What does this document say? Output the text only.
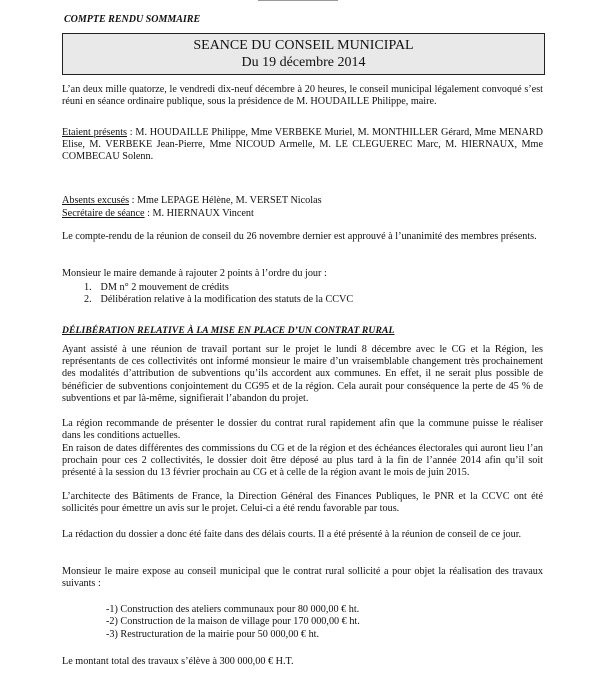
COMPTE RENDU SOMMAIRE
SEANCE DU CONSEIL MUNICIPAL
Du 19 décembre 2014
L’an deux mille quatorze, le vendredi dix-neuf décembre à 20 heures, le conseil municipal légalement convoqué s’est réuni en séance ordinaire publique, sous la présidence de M. HOUDAILLE Philippe, maire.
Etaient présents : M. HOUDAILLE Philippe, Mme VERBEKE Muriel, M. MONTHILLER Gérard, Mme MENARD Elise, M. VERBEKE Jean-Pierre, Mme NICOUD Armelle, M. LE CLEGUEREC Marc, M. HIERNAUX, Mme COMBECAU Solenn.
Absents excusés : Mme LEPAGE Hélène, M. VERSET Nicolas
Secrétaire de séance : M. HIERNAUX Vincent
Le compte-rendu de la réunion de conseil du 26 novembre dernier est approuvé à l’unanimité des membres présents.
Monsieur le maire demande à rajouter 2 points à l’ordre du jour :
1. DM n° 2 mouvement de crédits
2. Délibération relative à la modification des statuts de la CCVC
DÉLIBÉRATION RELATIVE À LA MISE EN PLACE D’UN CONTRAT RURAL
Ayant assisté à une réunion de travail portant sur le projet le lundi 8 décembre avec le CG et la Région, les représentants de ces collectivités ont informé monsieur le maire d’un vraisemblable changement très prochainement des modalités d’attribution de subventions qu’ils accordent aux communes. En effet, il ne serait plus possible de bénéficier de subventions conjointement du CG95 et de la région. Cela aurait pour conséquence la perte de 45 % de subventions et par là-même, signifierait l’abandon du projet.
La région recommande de présenter le dossier du contrat rural rapidement afin que la commune puisse le réaliser dans les conditions actuelles.
En raison de dates différentes des commissions du CG et de la région et des échéances électorales qui auront lieu l’an prochain pour ces 2 collectivités, le dossier doit être déposé au plus tard à la fin de l’année 2014 afin qu’il soit présenté à la session du 13 février prochain au CG et à celle de la région avant le mois de juin 2015.
L’architecte des Bâtiments de France, la Direction Général des Finances Publiques, le PNR et la CCVC ont été sollicités pour émettre un avis sur le projet. Celui-ci a été rendu favorable par tous.
La rédaction du dossier a donc été faite dans des délais courts. Il a été présenté à la réunion de conseil de ce jour.
Monsieur le maire expose au conseil municipal que le contrat rural sollicité a pour objet la réalisation des travaux suivants :
-1) Construction des ateliers communaux pour 80 000,00 € ht.
-2) Construction de la maison de village pour 170 000,00 € ht.
-3) Restructuration de la mairie pour 50 000,00 € ht.
Le montant total des travaux s’élève à 300 000,00 € H.T.
